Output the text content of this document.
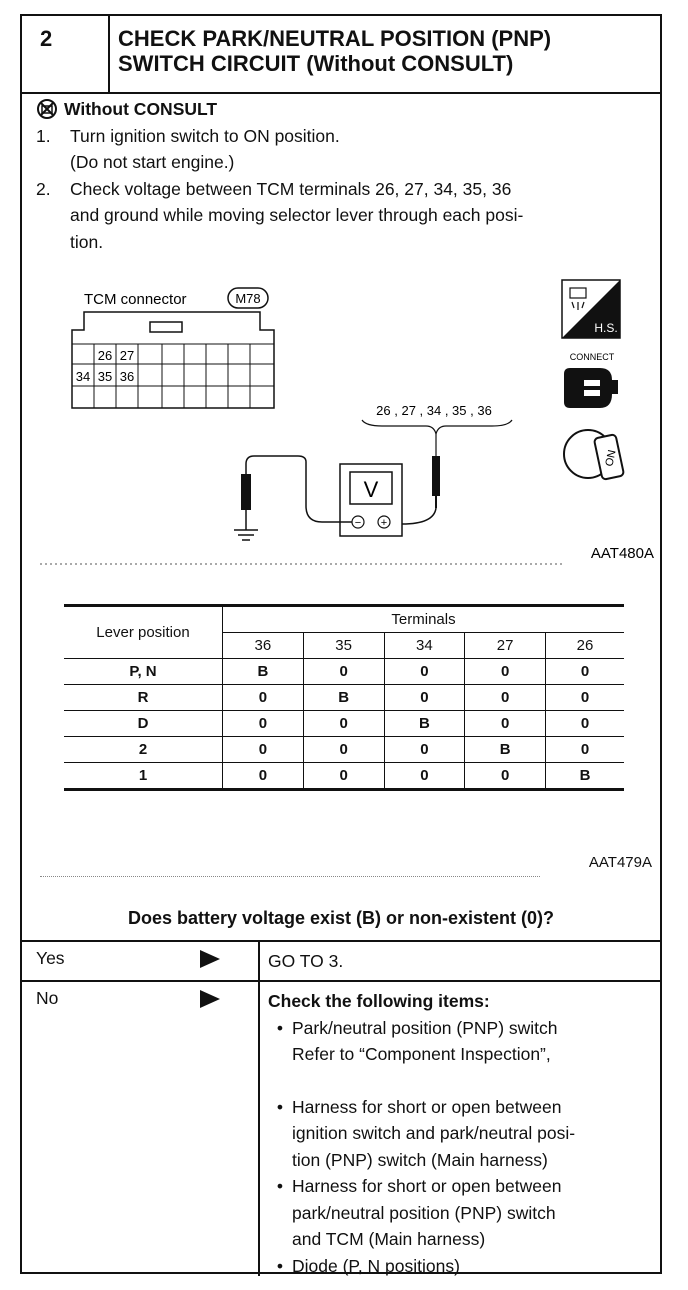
2	CHECK PARK/NEUTRAL POSITION (PNP)
SWITCH CIRCUIT (Without CONSULT)
Without CONSULT
1.	Turn ignition switch to ON position.
(Do not start engine.)
2.	Check voltage between TCM terminals 26, 27, 34, 35, 36
and ground while moving selector lever through each posi-
tion.
TCM connector	M78
26 27
34 35 36
26 , 27 , 34 , 35 , 36
V
− +
H.S.
CONNECT
ON
AAT480A
Lever position	Terminals				
	36	35	34	27	26
P, N	B	0	0	0	0
R	0	B	0	0	0
D	0	0	B	0	0
2	0	0	0	B	0
1	0	0	0	0	B
AAT479A
Does battery voltage exist (B) or non-existent (0)?
Yes	GO TO 3.
No	Check the following items:
• Park/neutral position (PNP) switch
Refer to “Component Inspection”,
• Harness for short or open between
ignition switch and park/neutral posi-
tion (PNP) switch (Main harness)
• Harness for short or open between
park/neutral position (PNP) switch
and TCM (Main harness)
• Diode (P, N positions)
